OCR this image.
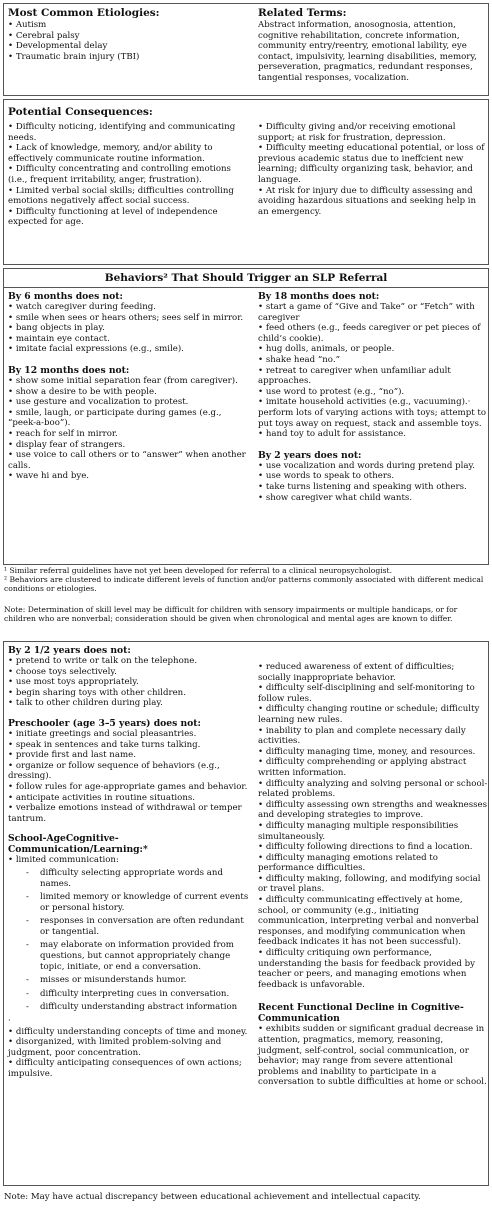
Most Common Etiologies:
• Autism
• Cerebral palsy
• Developmental delay
• Traumatic brain injury (TBI)
Related Terms:
Abstract information, anosognosia, attention, cognitive rehabilitation, concrete information, community entry/reentry, emotional lability, eye contact, impulsivity, learning disabilities, memory, perseveration, pragmatics, redundant responses, tangential responses, vocalization.
Potential Consequences:
• Difficulty noticing, identifying and communicating needs.
• Lack of knowledge, memory, and/or ability to effectively communicate routine information.
• Difficulty concentrating and controlling emotions (i.e., frequent irritability, anger, frustration).
• Limited verbal social skills; difficulties controlling emotions negatively affect social success.
• Difficulty functioning at level of independence expected for age.
• Difficulty giving and/or receiving emotional support; at risk for frustration, depression.
• Difficulty meeting educational potential, or loss of previous academic status due to ineffcient new learning; difficulty organizing task, behavior, and language.
• At risk for injury due to difficulty assessing and avoiding hazardous situations and seeking help in an emergency.
Behaviors² That Should Trigger an SLP Referral
By 6 months does not:
• watch caregiver during feeding.
• smile when sees or hears others; sees self in mirror.
• bang objects in play.
• maintain eye contact.
• imitate facial expressions (e.g., smile).
By 12 months does not:
• show some initial separation fear (from caregiver).
• show a desire to be with people.
• use gesture and vocalization to protest.
• smile, laugh, or participate during games (e.g., “peek-a-boo”).
• reach for self in mirror.
• display fear of strangers.
• use voice to call others or to “answer” when another calls.
• wave hi and bye.
By 18 months does not:
• start a game of “Give and Take” or “Fetch” with caregiver
• feed others (e.g., feeds caregiver or pet pieces of child’s cookie).
• hug dolls, animals, or people.
• shake head “no.”
• retreat to caregiver when unfamiliar adult approaches.
• use word to protest (e.g., “no”).
• imitate household activities (e.g., vacuuming).· perform lots of varying actions with toys; attempt to put toys away on request, stack and assemble toys.
• hand toy to adult for assistance.
By 2 years does not:
• use vocalization and words during pretend play.
• use words to speak to others.
• take turns listening and speaking with others.
• show caregiver what child wants.
¹ Similar referral guidelines have not yet been developed for referral to a clinical neuropsychologist.
² Behaviors are clustered to indicate different levels of function and/or patterns commonly associated with different medical conditions or etiologies.
Note: Determination of skill level may be difficult for children with sensory impairments or multiple handicaps, or for children who are nonverbal; consideration should be given when chronological and mental ages are known to differ.
By 2 1/2 years does not:
• pretend to write or talk on the telephone.
• choose toys selectively.
• use most toys appropriately.
• begin sharing toys with other children.
• talk to other children during play.
Preschooler (age 3–5 years) does not:
• initiate greetings and social pleasantries.
• speak in sentences and take turns talking.
• provide first and last name.
• organize or follow sequence of behaviors (e.g., dressing).
• follow rules for age-appropriate games and behavior.
• anticipate activities in routine situations.
• verbalize emotions instead of withdrawal or temper tantrum.
School-AgeCognitive-Communication/Learning:*
• limited communication:
- difficulty selecting appropriate words and names.
- limited memory or knowledge of current events or personal history.
- responses in conversation are often redundant or tangential.
- may elaborate on information provided from questions, but cannot appropriately change topic, initiate, or end a conversation.
- misses or misunderstands humor.
- difficulty interpreting cues in conversation.
- difficulty understanding abstract information
·
• difficulty understanding concepts of time and money.
• disorganized, with limited problem-solving and judgment, poor concentration.
• difficulty anticipating consequences of own actions; impulsive.
• reduced awareness of extent of difficulties; socially inappropriate behavior.
• difficulty self-disciplining and self-monitoring to follow rules.
• difficulty changing routine or schedule; difficulty learning new rules.
• inability to plan and complete necessary daily activities.
• difficulty managing time, money, and resources.
• difficulty comprehending or applying abstract written information.
• difficulty analyzing and solving personal or school-related problems.
• difficulty assessing own strengths and weaknesses and developing strategies to improve.
• difficulty managing multiple responsibilities simultaneously.
• difficulty following directions to find a location.
• difficulty managing emotions related to performance difficulties.
• difficulty making, following, and modifying social or travel plans.
• difficulty communicating effectively at home, school, or community (e.g., initiating communication, interpreting verbal and nonverbal responses, and modifying communication when feedback indicates it has not been successful).
• difficulty critiquing own performance, understanding the basis for feedback provided by teacher or peers, and managing emotions when feedback is unfavorable.
Recent Functional Decline in Cognitive-Communication
• exhibits sudden or significant gradual decrease in attention, pragmatics, memory, reasoning, judgment, self-control, social communication, or behavior; may range from severe attentional problems and inability to participate in a conversation to subtle difficulties at home or school.
Note: May have actual discrepancy between educational achievement and intellectual capacity.
